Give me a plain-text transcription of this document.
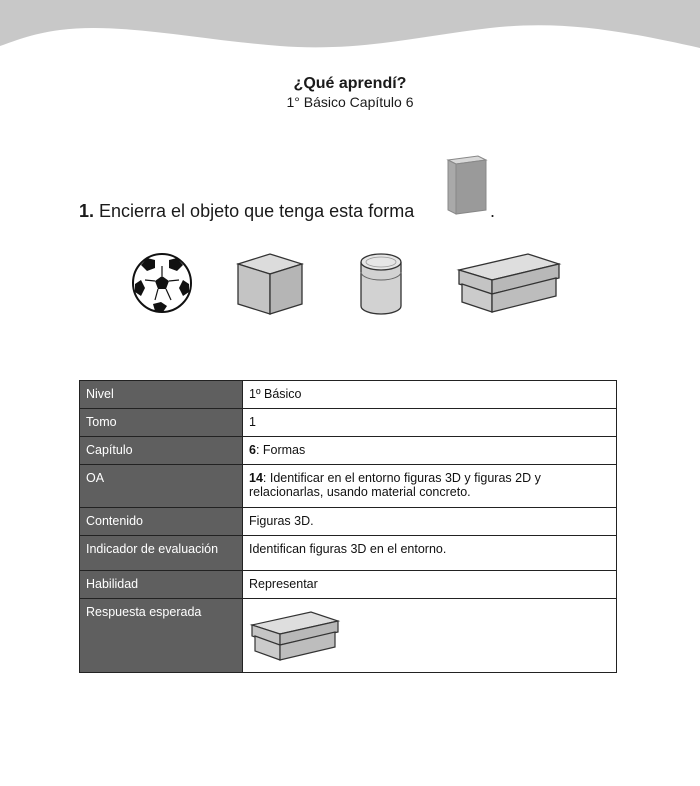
¿Qué aprendí?
1° Básico Capítulo 6
1. Encierra el objeto que tenga esta forma	.
Nivel	1º Básico
Tomo	1
Capítulo	6: Formas
OA	14: Identificar en el entorno figuras 3D y figuras 2D y relacionarlas, usando material concreto.
Contenido	Figuras 3D.
Indicador de evaluación	Identifican figuras 3D en el entorno.
Habilidad	Representar
Respuesta esperada	
